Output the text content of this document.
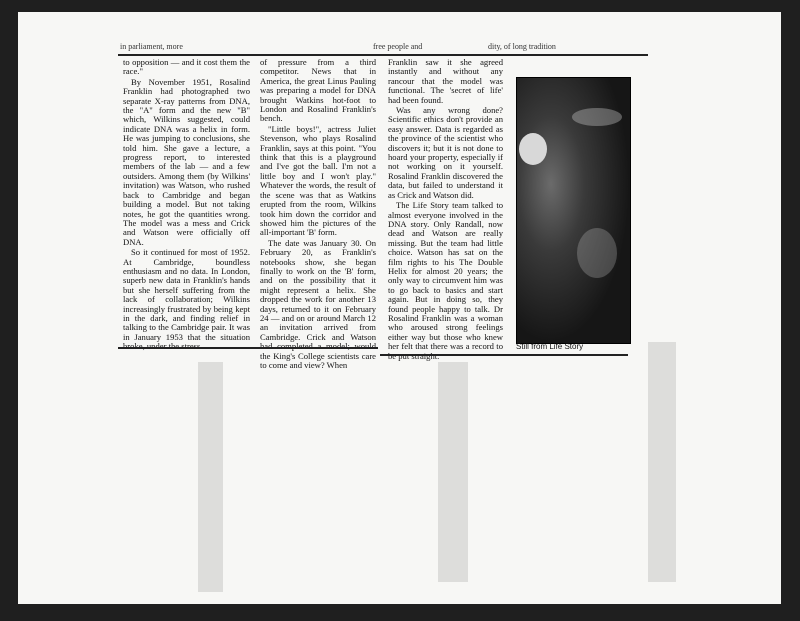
in parliament, more	free people and	dity, of long tradition

to opposition — and it cost them the race."

By November 1951, Rosalind Franklin had photographed two separate X-ray patterns from DNA, the "A" form and the new "B" which, Wilkins suggested, could indicate DNA was a helix in form. He was jumping to conclusions, she told him. She gave a lecture, a progress report, to interested members of the lab — and a few outsiders. Among them (by Wilkins' invitation) was Watson, who rushed back to Cambridge and began building a model. But not taking notes, he got the quantities wrong. The model was a mess and Crick and Watson were officially off DNA.

So it continued for most of 1952. At Cambridge, boundless enthusiasm and no data. In London, superb new data in Franklin's hands but she herself suffering from the lack of collaboration; Wilkins increasingly frustrated by being kept in the dark, and finding relief in talking to the Cambridge pair. It was in January 1953 that the situation

of pressure from a third competitor. News that in America, the great Linus Pauling was preparing a model for DNA brought Watkins hot-foot to London and Rosalind Franklin's bench.

"Little boys!", actress Juliet Stevenson, who plays Rosalind Franklin, says at this point. "You think that this is a playground and I've got the ball. I'm not a little boy and I won't play." Whatever the words, the result of the scene was that as Watkins erupted from the room, Wilkins took him down the corridor and showed him the pictures of the all-important 'B' form.

The date was January 30. On February 20, as Franklin's notebooks show, she began finally to work on the 'B' form, and on the possibility that it might represent a helix. She dropped the work for another 13 days, returned to it on February 24 — and on or around March 12 an invitation arrived from Cambridge. Crick and Watson the King's College scientists care to come and view? When

Franklin saw it she agreed instantly and without any rancour that the model was functional. The 'secret of life' had been found.

Was any wrong done? Scientific ethics don't provide an easy answer. Data is regarded as the province of the scientist who discovers it; but it is not done to hoard your property, especially if not working on it yourself. Rosalind Franklin discovered the data, but failed to understand it as Crick and Watson did.

The Life Story team talked to almost everyone involved in the DNA story. Only Randall, now dead and Watson are really missing. But the team had little choice. Watson has sat on the film rights to his The Double Helix for almost 20 years; the only way to circumvent him was to go back to basics and start again. But in doing so, they found people happy to talk. Dr Rosalind Franklin was a woman who aroused strong feelings either way but those who knew her felt that there was a record to Still from Life Story
